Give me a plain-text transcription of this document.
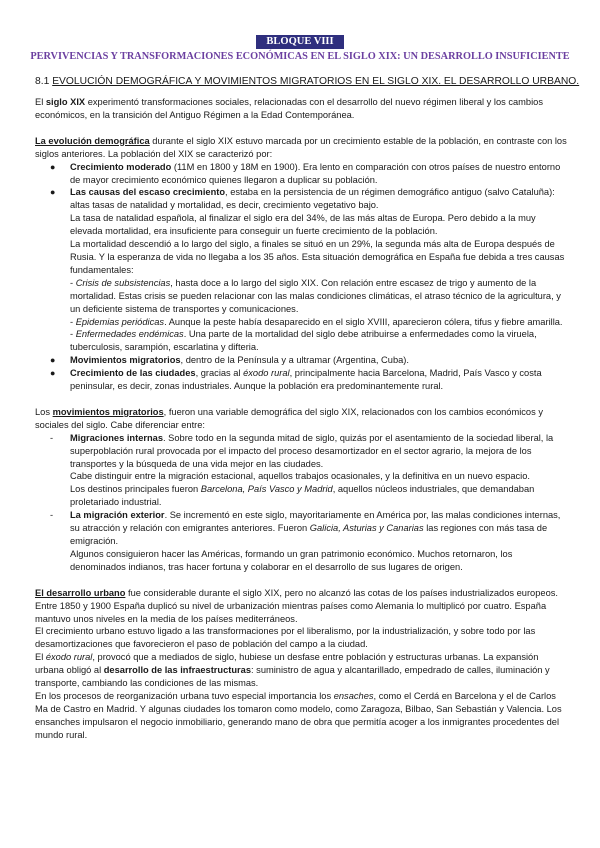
BLOQUE VIII
PERVIVENCIAS Y TRANSFORMACIONES ECONÓMICAS EN EL SIGLO XIX: UN DESARROLLO INSUFICIENTE
8.1 EVOLUCIÓN DEMOGRÁFICA Y MOVIMIENTOS MIGRATORIOS EN EL SIGLO XIX. EL DESARROLLO URBANO.

El siglo XIX experimentó transformaciones sociales, relacionadas con el desarrollo del nuevo régimen liberal y los cambios económicos, en la transición del Antiguo Régimen a la Edad Contemporánea.

La evolución demográfica durante el siglo XIX estuvo marcada por un crecimiento estable de la población, en contraste con los siglos anteriores. La población del XIX se caracterizó por:

● Crecimiento moderado (11M en 1800 y 18M en 1900). Era lento en comparación con otros países de nuestro entorno de mayor crecimiento económico quienes llegaron a duplicar su población.
● Las causas del escaso crecimiento, estaba en la persistencia de un régimen demográfico antiguo (salvo Cataluña): altas tasas de natalidad y mortalidad, es decir, crecimiento vegetativo bajo.

La tasa de natalidad española, al finalizar el siglo era del 34%, de las más altas de Europa. Pero debido a la muy elevada mortalidad, era insuficiente para conseguir un fuerte crecimiento de la población.

La mortalidad descendió a lo largo del siglo, a finales se situó en un 29%, la segunda más alta de Europa después de Rusia. Y la esperanza de vida no llegaba a los 35 años. Esta situación demográfica en España fue debida a tres causas fundamentales:

- Crisis de subsistencias, hasta doce a lo largo del siglo XIX. Con relación entre escasez de trigo y aumento de la mortalidad. Estas crisis se pueden relacionar con las malas condiciones climáticas, el atraso técnico de la agricultura, y un deficiente sistema de transportes y comunicaciones.

- Epidemias periódicas. Aunque la peste había desaparecido en el siglo XVIII, aparecieron cólera, tifus y fiebre amarilla.

- Enfermedades endémicas. Una parte de la mortalidad del siglo debe atribuirse a enfermedades como la viruela, tuberculosis, sarampión, escarlatina y difteria.

● Movimientos migratorios, dentro de la Península y a ultramar (Argentina, Cuba).
● Crecimiento de las ciudades, gracias al éxodo rural, principalmente hacia Barcelona, Madrid, País Vasco y costa peninsular, es decir, zonas industriales. Aunque la población era predominantemente rural.

Los movimientos migratorios, fueron una variable demográfica del siglo XIX, relacionados con los cambios económicos y sociales del siglo. Cabe diferenciar entre:

- Migraciones internas. Sobre todo en la segunda mitad de siglo, quizás por el asentamiento de la sociedad liberal, la superpoblación rural provocada por el impacto del proceso desamortizador en el sector agrario, la mejora de los transportes y la búsqueda de una vida mejor en las ciudades.

Cabe distinguir entre la migración estacional, aquellos trabajos ocasionales, y la definitiva en un nuevo espacio.

Los destinos principales fueron Barcelona, País Vasco y Madrid, aquellos núcleos industriales, que demandaban proletariado industrial.

- La migración exterior. Se incrementó en este siglo, mayoritariamente en América por, las malas condiciones internas, su atracción y relación con emigrantes anteriores. Fueron Galicia, Asturias y Canarias las regiones con más tasa de emigración.

Algunos consiguieron hacer las Américas, formando un gran patrimonio económico. Muchos retornaron, los denominados indianos, tras hacer fortuna y colaborar en el desarrollo de sus lugares de origen.

El desarrollo urbano fue considerable durante el siglo XIX, pero no alcanzó las cotas de los países industrializados europeos. Entre 1850 y 1900 España duplicó su nivel de urbanización mientras países como Alemania lo multiplicó por cuatro. España mantuvo unos niveles en la media de los países mediterráneos.

El crecimiento urbano estuvo ligado a las transformaciones por el liberalismo, por la industrialización, y sobre todo por las desamortizaciones que favorecieron el paso de población del campo a la ciudad.

El éxodo rural, provocó que a mediados de siglo, hubiese un desfase entre población y estructuras urbanas. La expansión urbana obligó al desarrollo de las infraestructuras: suministro de agua y alcantarillado, empedrado de calles, iluminación y transporte, cambiando las condiciones de las mismas.

En los procesos de reorganización urbana tuvo especial importancia los ensaches, como el Cerdá en Barcelona y el de Carlos Ma de Castro en Madrid. Y algunas ciudades los tomaron como modelo, como Zaragoza, Bilbao, San Sebastián y Valencia. Los ensanches impulsaron el negocio inmobiliario, generando mano de obra que permitía acoger a los inmigrantes procedentes del mundo rural.
